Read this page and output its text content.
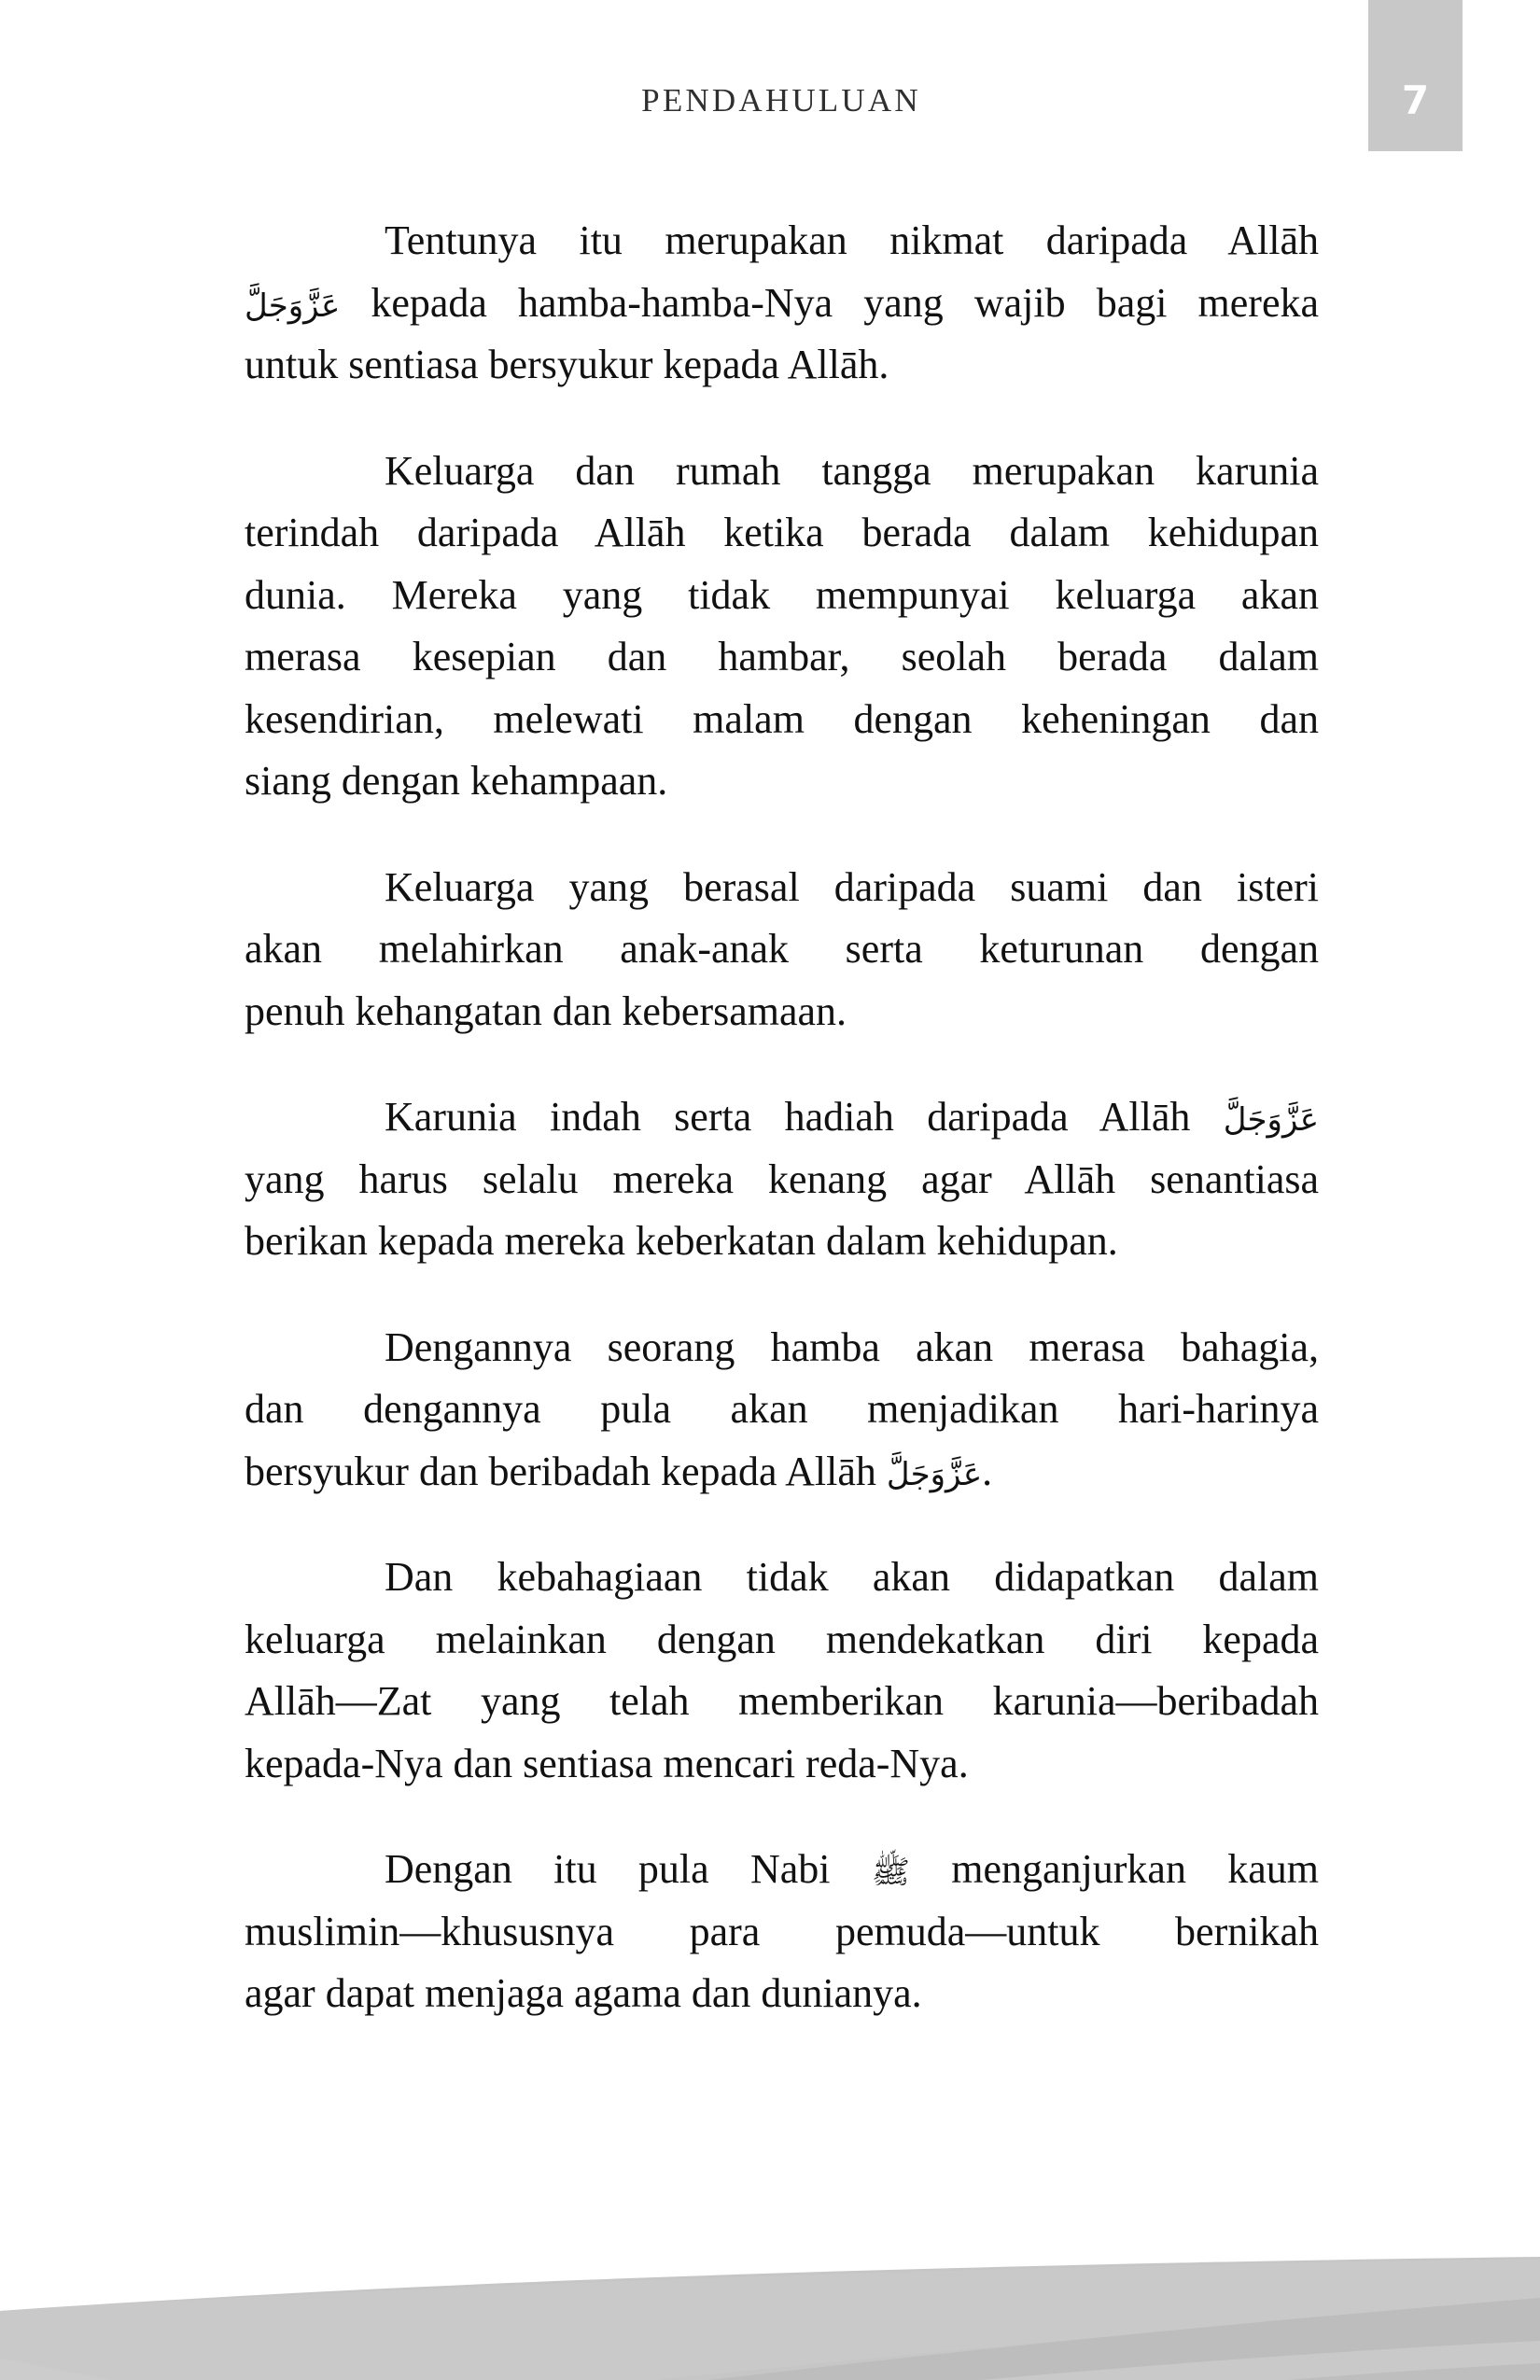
PENDAHULUAN	7

Tentunya itu merupakan nikmat daripada Allāh
عَزَّوَجَلَّ kepada hamba-hamba-Nya yang wajib bagi mereka
untuk sentiasa bersyukur kepada Allāh.

Keluarga dan rumah tangga merupakan karunia
terindah daripada Allāh ketika berada dalam kehidupan
dunia. Mereka yang tidak mempunyai keluarga akan
merasa kesepian dan hambar, seolah berada dalam
kesendirian, melewati malam dengan keheningan dan
siang dengan kehampaan.

Keluarga yang berasal daripada suami dan isteri
akan melahirkan anak-anak serta keturunan dengan
penuh kehangatan dan kebersamaan.

Karunia indah serta hadiah daripada Allāh عَزَّوَجَلَّ
yang harus selalu mereka kenang agar Allāh senantiasa
berikan kepada mereka keberkatan dalam kehidupan.

Dengannya seorang hamba akan merasa bahagia,
dan dengannya pula akan menjadikan hari-harinya
bersyukur dan beribadah kepada Allāh عَزَّوَجَلَّ.

Dan kebahagiaan tidak akan didapatkan dalam
keluarga melainkan dengan mendekatkan diri kepada
Allāh—Zat yang telah memberikan karunia—beribadah
kepada-Nya dan sentiasa mencari reda-Nya.

Dengan itu pula Nabi ﷺ menganjurkan kaum
muslimin—khususnya para pemuda—untuk bernikah
agar dapat menjaga agama dan dunianya.
